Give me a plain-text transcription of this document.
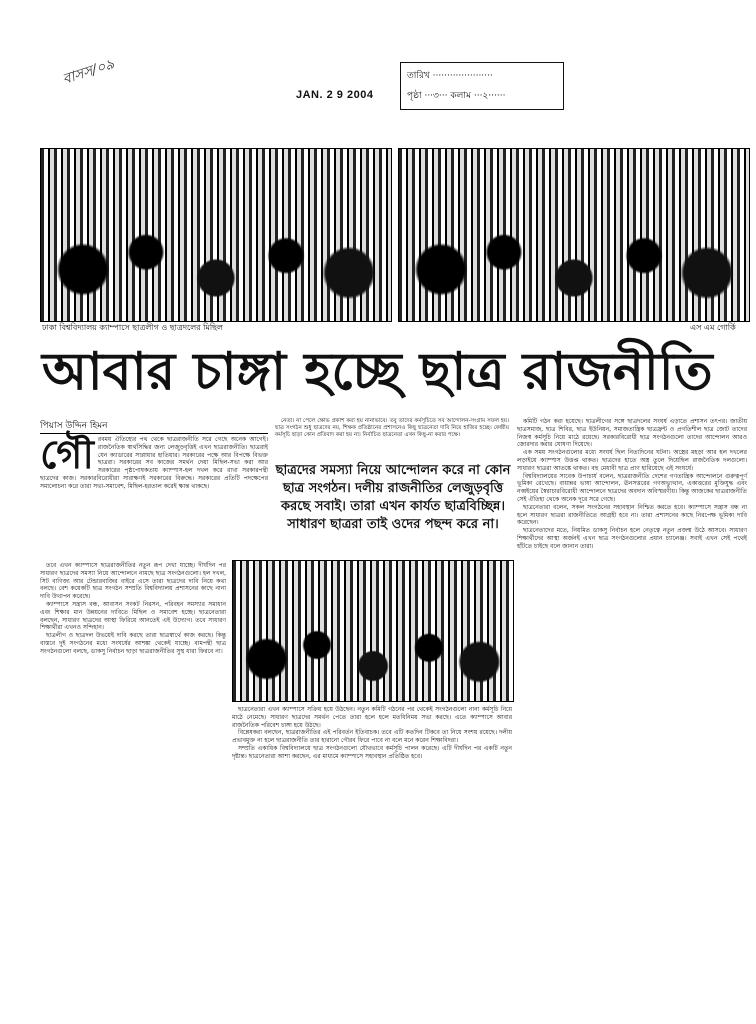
বাসস/০৯
JAN. 2 9 2004
তারিখ ·····················
পৃষ্ঠা ···৩··· কলাম ···২······
ঢাকা বিশ্ববিদ্যালয় ক্যাম্পাসে ছাত্রলীগ ও ছাত্রদলের মিছিল	এস এম গোর্কি
আবার চাঙ্গা হচ্ছে ছাত্র রাজনীতি
পিয়াস উদ্দিন হিমন
গৌ রবময় ঐতিহ্যের পথ থেকে ছাত্ররাজনীতি সরে গেছে অনেক আগেই। রাজনৈতিক স্বার্থসিদ্ধির জন্য লেজুড়বৃত্তিই এখন ছাত্ররাজনীতি। ছাত্ররাই যেন ক্যাডারের সাপ্লায়ার হাতিয়ার। সরকারের পক্ষে আর বিপক্ষে বিভক্ত ছাত্ররা। সরকারের সব কাজের সমর্থন দেয়া মিছিল-সভা করা আর সরকারের পৃষ্ঠপোষকতায় ক্যাম্পাস-হল দখল করে রাখা সরকারপন্থী ছাত্রদের কাজ। সরকারবিরোধীরা সারাক্ষণই সরকারের বিরুদ্ধে। সরকারের প্রতিটি পদক্ষেপের সমালোচনা করে তারা সভা-সমাবেশ, মিছিল-হরতাল করেই ক্ষান্ত থাকছে।

তবে এখন ক্যাম্পাসে ছাত্ররাজনীতির নতুন রূপ দেখা যাচ্ছে। দীর্ঘদিন পর সাধারণ ছাত্রদের সমস্যা নিয়ে আন্দোলনে নামছে ছাত্র সংগঠনগুলো। হল দখল, সিট বাণিজ্য আর টেন্ডারবাজির বাইরে এসে তারা ছাত্রদের দাবি নিয়ে কথা বলছে। বেশ কয়েকটি ছাত্র সংগঠন সম্প্রতি বিশ্ববিদ্যালয় প্রশাসনের কাছে নানা দাবি উত্থাপন করেছে।

ক্যাম্পাসে সন্ত্রাস বন্ধ, আবাসন সংকট নিরসন, পরিবহন সমস্যার সমাধান এবং শিক্ষার মান উন্নয়নের দাবিতে মিছিল ও সমাবেশ হচ্ছে। ছাত্রনেতারা বলছেন, সাধারণ ছাত্রদের আস্থা ফিরিয়ে আনতেই এই উদ্যোগ। তবে সাধারণ শিক্ষার্থীরা এখনও সন্দিহান।

ছাত্রলীগ ও ছাত্রদল উভয়েই দাবি করছে তারা ছাত্রস্বার্থে কাজ করছে। কিন্তু বাস্তবে দুই সংগঠনের মধ্যে সংঘর্ষের আশঙ্কা থেকেই যাচ্ছে। বামপন্থী ছাত্র সংগঠনগুলো বলছে, ডাকসু নির্বাচন ছাড়া ছাত্ররাজনীতির সুস্থ ধারা ফিরবে না।

নেতা। না পেলে ক্ষোভ প্রকাশ করা হয় নানাভাবে। তবু তাদের কর্মসূচিতে সব আন্দোলন-সংগ্রাম সফল হয়। ছাত্র সংগঠন শুধু ছাত্রদের নয়, শিক্ষক প্রতিষ্ঠানের প্রশাসনেও কিছু ছাত্রনেতা দাবি নিয়ে হাজির হচ্ছে। কেন্দ্রীয় কর্মসূচি ছাড়া কোন প্রতিবাদ করা হয় না। নির্বাচিত ছাত্রনেতা এখন কিছু-না করার পক্ষে।

ছাত্রদের সমস্যা নিয়ে আন্দোলন করে না কোন ছাত্র সংগঠন। দলীয় রাজনীতির লেজুড়বৃত্তি করছে সবাই। তারা এখন কার্যত ছাত্রবিচ্ছিন্ন। সাধারণ ছাত্ররা তাই ওদের পছন্দ করে না।

ছাত্রনেতারা এখন ক্যাম্পাসে সক্রিয় হয়ে উঠছেন। নতুন কমিটি গঠনের পর থেকেই সংগঠনগুলো নানা কর্মসূচি নিয়ে মাঠে নেমেছে। সাধারণ ছাত্রদের সমর্থন পেতে তারা হলে হলে মতবিনিময় সভা করছে। এতে ক্যাম্পাসে আবার রাজনৈতিক পরিবেশ চাঙ্গা হয়ে উঠছে।

বিশ্লেষকরা বলছেন, ছাত্ররাজনীতির এই পরিবর্তন ইতিবাচক। তবে এটি কতদিন টিকবে তা নিয়ে সংশয় রয়েছে। দলীয় প্রভাবমুক্ত না হলে ছাত্ররাজনীতি তার হারানো গৌরব ফিরে পাবে না বলে মনে করেন শিক্ষাবিদরা।

সম্প্রতি একাধিক বিশ্ববিদ্যালয়ে ছাত্র সংগঠনগুলো যৌথভাবে কর্মসূচি পালন করেছে। এটি দীর্ঘদিন পর একটি নতুন দৃষ্টান্ত। ছাত্রনেতারা আশা করছেন, এর মাধ্যমে ক্যাম্পাসে সহাবস্থান প্রতিষ্ঠিত হবে।

কমিটি গঠন করা হয়েছে। ছাত্রলীগের সঙ্গে ছাত্রদলের সংঘর্ষ এড়াতে প্রশাসন তৎপর। জাতীয় ছাত্রসমাজ, ছাত্র শিবির, ছাত্র ইউনিয়ন, সমাজতান্ত্রিক ছাত্রফ্রন্ট ও প্রগতিশীল ছাত্র জোট তাদের নিজস্ব কর্মসূচি নিয়ে মাঠে রয়েছে। সরকারবিরোধী ছাত্র সংগঠনগুলো তাদের আন্দোলন আরও জোরদার করার ঘোষণা দিয়েছে।

এক সময় সংগঠনগুলোর মধ্যে সংঘর্ষ ছিল নিত্যদিনের ঘটনা। অস্ত্রের মহড়া আর হল দখলের লড়াইয়ে ক্যাম্পাস উত্তপ্ত থাকত। ছাত্রদের হাতে অস্ত্র তুলে দিয়েছিল রাজনৈতিক দলগুলো। সাধারণ ছাত্ররা আতঙ্কে থাকত। বহু মেধাবী ছাত্র প্রাণ হারিয়েছে এই সংঘর্ষে।

বিশ্ববিদ্যালয়ের সাবেক উপাচার্য বলেন, ছাত্ররাজনীতি দেশের গণতান্ত্রিক আন্দোলনে গুরুত্বপূর্ণ ভূমিকা রেখেছে। বায়ান্নর ভাষা আন্দোলন, ঊনসত্তরের গণঅভ্যুত্থান, একাত্তরের মুক্তিযুদ্ধ এবং নব্বইয়ের স্বৈরাচারবিরোধী আন্দোলনে ছাত্রদের অবদান অবিস্মরণীয়। কিন্তু আজকের ছাত্ররাজনীতি সেই ঐতিহ্য থেকে অনেক দূরে সরে গেছে।

ছাত্রনেতারা বলেন, সকল সংগঠনের সহাবস্থান নিশ্চিত করতে হবে। ক্যাম্পাসে সন্ত্রাস বন্ধ না হলে সাধারণ ছাত্ররা রাজনীতিতে আগ্রহী হবে না। তারা প্রশাসনের কাছে নিরপেক্ষ ভূমিকা দাবি করেছেন।

ছাত্রনেতাদের মতে, নিয়মিত ডাকসু নির্বাচন হলে নেতৃত্বে নতুন প্রজন্ম উঠে আসবে। সাধারণ শিক্ষার্থীদের আস্থা অর্জনই এখন ছাত্র সংগঠনগুলোর প্রধান চ্যালেঞ্জ। সবাই এখন সেই পথেই হাঁটতে চাইছে বলে জানান তারা।
